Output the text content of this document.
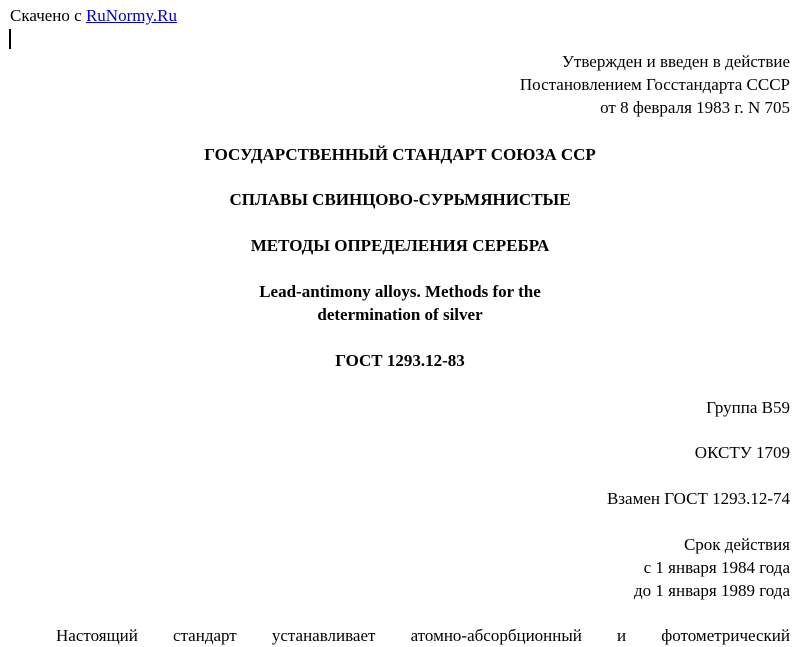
Скачено с RuNormy.Ru
Утвержден и введен в действие
Постановлением Госстандарта СССР
от 8 февраля 1983 г. N 705
ГОСУДАРСТВЕННЫЙ СТАНДАРТ СОЮЗА ССР
СПЛАВЫ СВИНЦОВО-СУРЬМЯНИСТЫЕ
МЕТОДЫ ОПРЕДЕЛЕНИЯ СЕРЕБРА
Lead-antimony alloys. Methods for the
determination of silver
ГОСТ 1293.12-83
Группа В59
ОКСТУ 1709
Взамен ГОСТ 1293.12-74
Срок действия
с 1 января 1984 года
до 1 января 1989 года
Настоящий стандарт устанавливает атомно-абсорбционный и фотометрический
